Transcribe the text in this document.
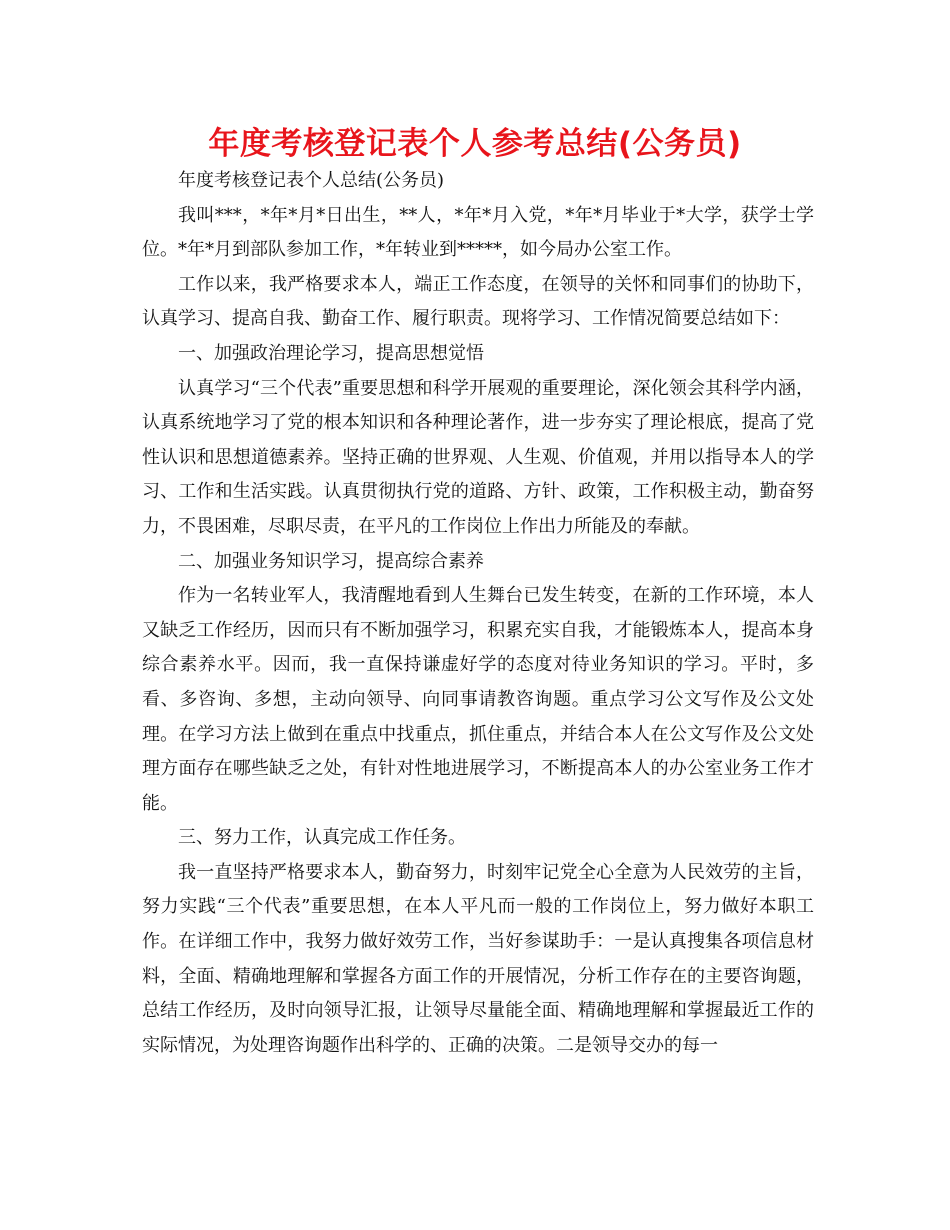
年度考核登记表个人参考总结(公务员)

年度考核登记表个人总结(公务员)

我叫***，*年*月*日出生，**人，*年*月入党，*年*月毕业于*大学，获学士学位。*年*月到部队参加工作，*年转业到*****，如今局办公室工作。

工作以来，我严格要求本人，端正工作态度，在领导的关怀和同事们的协助下，认真学习、提高自我、勤奋工作、履行职责。现将学习、工作情况简要总结如下：

一、加强政治理论学习，提高思想觉悟

认真学习“三个代表”重要思想和科学开展观的重要理论，深化领会其科学内涵，认真系统地学习了党的根本知识和各种理论著作，进一步夯实了理论根底，提高了党性认识和思想道德素养。坚持正确的世界观、人生观、价值观，并用以指导本人的学习、工作和生活实践。认真贯彻执行党的道路、方针、政策，工作积极主动，勤奋努力，不畏困难，尽职尽责，在平凡的工作岗位上作出力所能及的奉献。

二、加强业务知识学习，提高综合素养

作为一名转业军人，我清醒地看到人生舞台已发生转变，在新的工作环境，本人又缺乏工作经历，因而只有不断加强学习，积累充实自我，才能锻炼本人，提高本身综合素养水平。因而，我一直保持谦虚好学的态度对待业务知识的学习。平时，多看、多咨询、多想，主动向领导、向同事请教咨询题。重点学习公文写作及公文处理。在学习方法上做到在重点中找重点，抓住重点，并结合本人在公文写作及公文处理方面存在哪些缺乏之处，有针对性地进展学习，不断提高本人的办公室业务工作才能。

三、努力工作，认真完成工作任务。

我一直坚持严格要求本人，勤奋努力，时刻牢记党全心全意为人民效劳的主旨，努力实践“三个代表”重要思想，在本人平凡而一般的工作岗位上，努力做好本职工作。在详细工作中，我努力做好效劳工作，当好参谋助手：一是认真搜集各项信息材料，全面、精确地理解和掌握各方面工作的开展情况，分析工作存在的主要咨询题，总结工作经历，及时向领导汇报，让领导尽量能全面、精确地理解和掌握最近工作的实际情况，为处理咨询题作出科学的、正确的决策。二是领导交办的每一
